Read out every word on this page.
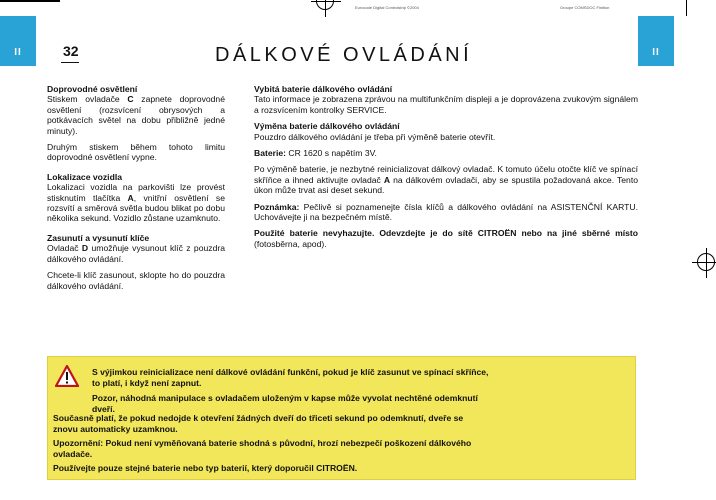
Eurocode Digital Controlstrip ©2004	Groupe COMSDOC Finition
II	II
32	DÁLKOVÉ OVLÁDÁNÍ

Doprovodné osvětlení

Stiskem ovladače C zapnete doprovodné osvětlení (rozsvícení obrysových a potkávacích světel na dobu přibližně jedné minuty).

Druhým stiskem během tohoto limitu doprovodné osvětlení vypne.

Lokalizace vozidla

Lokalizaci vozidla na parkovišti lze provést stisknutím tlačítka A, vnitřní osvětlení se rozsvítí a směrová světla budou blikat po dobu několika sekund. Vozidlo zůstane uzamknuto.

Zasunutí a vysunutí klíče

Ovladač D umožňuje vysunout klíč z pouzdra dálkového ovládání.

Chcete-li klíč zasunout, sklopte ho do pouzdra dálkového ovládání.

Vybitá baterie dálkového ovládání

Tato informace je zobrazena zprávou na multifunkčním displeji a je doprovázena zvukovým signálem a rozsvícením kontrolky SERVICE.

Výměna baterie dálkového ovládání

Pouzdro dálkového ovládání je třeba při výměně baterie otevřít.

Baterie: CR 1620 s napětím 3V.

Po výměně baterie, je nezbytné reinicializovat dálkový ovladač. K tomuto účelu otočte klíč ve spínací skříňce a ihned aktivujte ovladač A na dálkovém ovladači, aby se spustila požadovaná akce. Tento úkon může trvat asi deset sekund.

Poznámka: Pečlivě si poznamenejte čísla klíčů a dálkového ovládání na ASISTENČNÍ KARTU. Uchovávejte ji na bezpečném místě.

Použité baterie nevyhazujte. Odevzdejte je do sítě CITROËN nebo na jiné sběrné místo (fotosběrna, apod).

S výjimkou reinicializace není dálkové ovládání funkční, pokud je klíč zasunut ve spínací skříňce,
to platí, i když není zapnut.
Pozor, náhodná manipulace s ovladačem uloženým v kapse může vyvolat nechtěné odemknutí
dveří.
Současně platí, že pokud nedojde k otevření žádných dveří do třiceti sekund po odemknutí, dveře se
znovu automaticky uzamknou.
Upozornění: Pokud není vyměňovaná baterie shodná s původní, hrozí nebezpečí poškození dálkového
ovladače.
Používejte pouze stejné baterie nebo typ baterií, který doporučil CITROËN.
